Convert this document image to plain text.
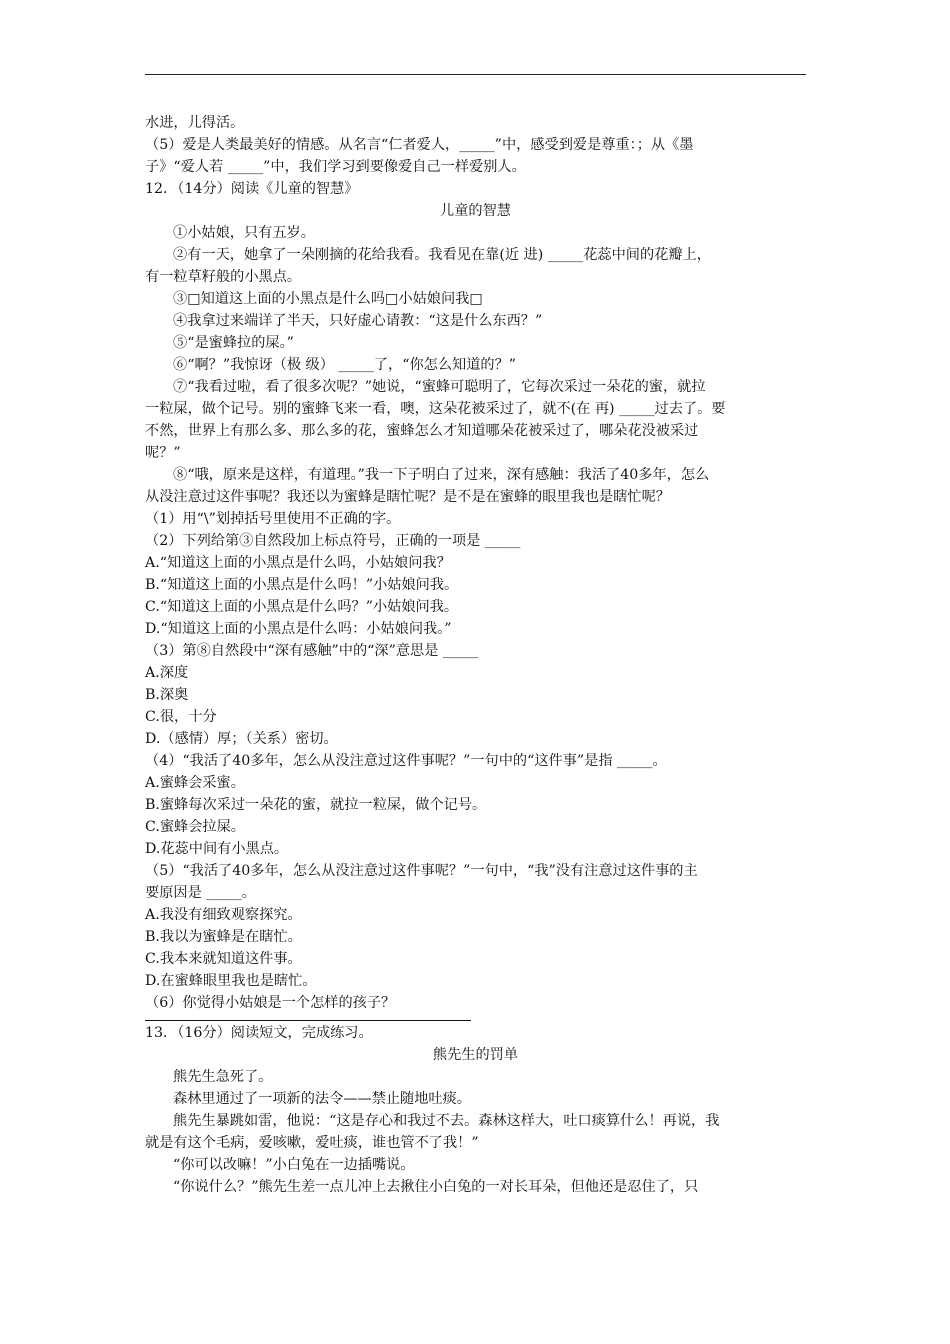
水进，儿得活。
（5）爱是人类最美好的情感。从名言“仁者爱人，_____”中，感受到爱是尊重：；从《墨
子》“爱人若 _____”中，我们学习到要像爱自己一样爱别人。
12．（14分）阅读《儿童的智慧》
儿童的智慧
①小姑娘，只有五岁。
②有一天，她拿了一朵刚摘的花给我看。我看见在靠(近 进) _____花蕊中间的花瓣上，
有一粒草籽般的小黑点。
③□知道这上面的小黑点是什么吗□小姑娘问我□
④我拿过来端详了半天，只好虚心请教：“这是什么东西？”
⑤“是蜜蜂拉的屎。”
⑥“啊？”我惊讶（极 级） _____了，“你怎么知道的？”
⑦“我看过啦，看了很多次呢？”她说，“蜜蜂可聪明了，它每次采过一朵花的蜜，就拉
一粒屎，做个记号。别的蜜蜂飞来一看，噢，这朵花被采过了，就不(在 再) _____过去了。要
不然，世界上有那么多、那么多的花，蜜蜂怎么才知道哪朵花被采过了，哪朵花没被采过
呢？”
⑧“哦，原来是这样，有道理。”我一下子明白了过来，深有感触：我活了40多年，怎么
从没注意过这件事呢？我还以为蜜蜂是瞎忙呢？是不是在蜜蜂的眼里我也是瞎忙呢？
（1）用“\”划掉括号里使用不正确的字。
（2）下列给第③自然段加上标点符号，正确的一项是 _____
A.“知道这上面的小黑点是什么吗，小姑娘问我？
B.“知道这上面的小黑点是什么吗！”小姑娘问我。
C.“知道这上面的小黑点是什么吗？”小姑娘问我。
D.“知道这上面的小黑点是什么吗：小姑娘问我。”
（3）第⑧自然段中“深有感触”中的“深”意思是 _____
A.深度
B.深奥
C.很，十分
D.（感情）厚；（关系）密切。
（4）“我活了40多年，怎么从没注意过这件事呢？”一句中的“这件事”是指 _____。
A.蜜蜂会采蜜。
B.蜜蜂每次采过一朵花的蜜，就拉一粒屎，做个记号。
C.蜜蜂会拉屎。
D.花蕊中间有小黑点。
（5）“我活了40多年，怎么从没注意过这件事呢？”一句中，“我”没有注意过这件事的主
要原因是 _____。
A.我没有细致观察探究。
B.我以为蜜蜂是在瞎忙。
C.我本来就知道这件事。
D.在蜜蜂眼里我也是瞎忙。
（6）你觉得小姑娘是一个怎样的孩子？
13．（16分）阅读短文，完成练习。
熊先生的罚单
熊先生急死了。
森林里通过了一项新的法令——禁止随地吐痰。
熊先生暴跳如雷，他说：“这是存心和我过不去。森林这样大，吐口痰算什么！再说，我
就是有这个毛病，爱咳嗽，爱吐痰，谁也管不了我！”
“你可以改嘛！”小白兔在一边插嘴说。
“你说什么？”熊先生差一点儿冲上去揪住小白兔的一对长耳朵，但他还是忍住了，只
